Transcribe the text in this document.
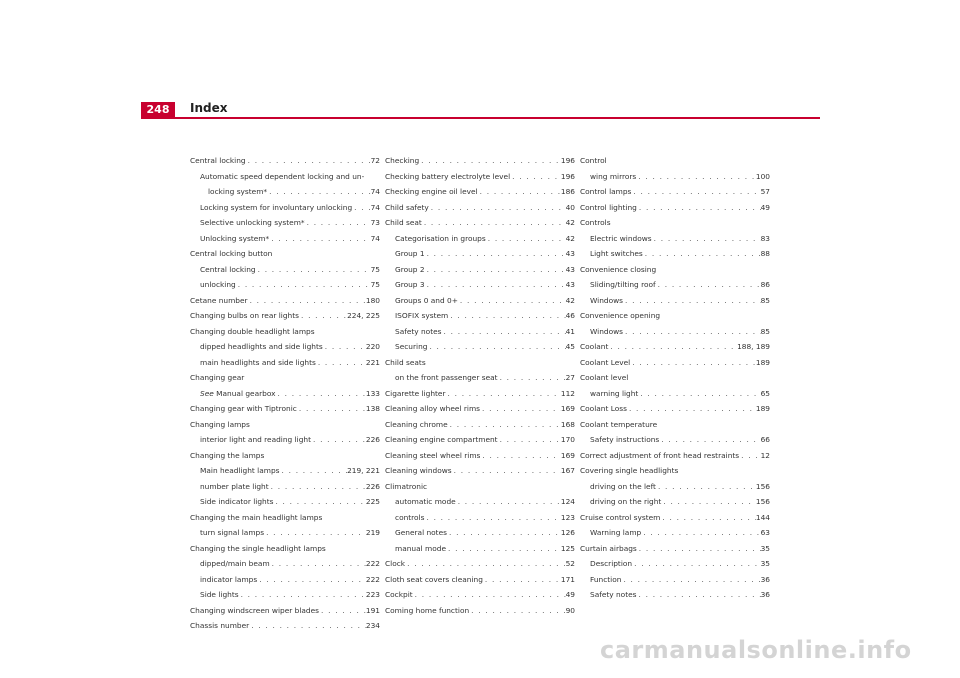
248	Index
Central locking . . .	72
Automatic speed dependent locking and un-
locking system* . . .	74
Locking system for involuntary unlocking . . . 74
Selective unlocking system* . . .	73
Unlocking system* . . .	74
Central locking button
Central locking . . .	75
unlocking . . .	75
Cetane number . . .	180
Changing bulbs on rear lights . . .	224, 225
Changing double headlight lamps
dipped headlights and side lights . . .	220
main headlights and side lights . . .	221
Changing gear
See Manual gearbox . . .	133
Changing gear with Tiptronic . . .	138
Changing lamps
interior light and reading light . . .	226
Changing the lamps
Main headlight lamps . . .	219, 221
number plate light . . .	226
Side indicator lights . . .	225
Changing the main headlight lamps
turn signal lamps . . .	219
Changing the single headlight lamps
dipped/main beam . . .	222
indicator lamps . . .	222
Side lights . . .	223
Changing windscreen wiper blades . . .	191
Chassis number . . .	234
Checking . . .	196
Checking battery electrolyte level . . .	196
Checking engine oil level . . .	186
Child safety . . .	40
Child seat . . .	42
Categorisation in groups . . .	42
Group 1 . . .	43
Group 2 . . .	43
Group 3 . . .	43
Groups 0 and 0+ . . .	42
ISOFIX system . . .	46
Safety notes . . .	41
Securing . . .	45
Child seats
on the front passenger seat . . .	27
Cigarette lighter . . .	112
Cleaning alloy wheel rims . . .	169
Cleaning chrome . . .	168
Cleaning engine compartment . . .	170
Cleaning steel wheel rims . . .	169
Cleaning windows . . .	167
Climatronic
automatic mode . . .	124
controls . . .	123
General notes . . .	126
manual mode . . .	125
Clock . . .	52
Cloth seat covers cleaning . . .	171
Cockpit . . .	49
Coming home function . . .	90
Control
wing mirrors . . .	100
Control lamps . . .	57
Control lighting . . .	49
Controls
Electric windows . . .	83
Light switches . . .	88
Convenience closing
Sliding/tilting roof . . .	86
Windows . . .	85
Convenience opening
Windows . . .	85
Coolant . . .	188, 189
Coolant Level . . .	189
Coolant level
warning light . . .	65
Coolant Loss . . .	189
Coolant temperature
Safety instructions . . .	66
Correct adjustment of front head restraints . . .	12
Covering single headlights
driving on the left . . .	156
driving on the right . . .	156
Cruise control system . . .	144
Warning lamp . . .	63
Curtain airbags . . .	35
Description . . .	35
Function . . .	36
Safety notes . . .	36
carmanualsonline.info
